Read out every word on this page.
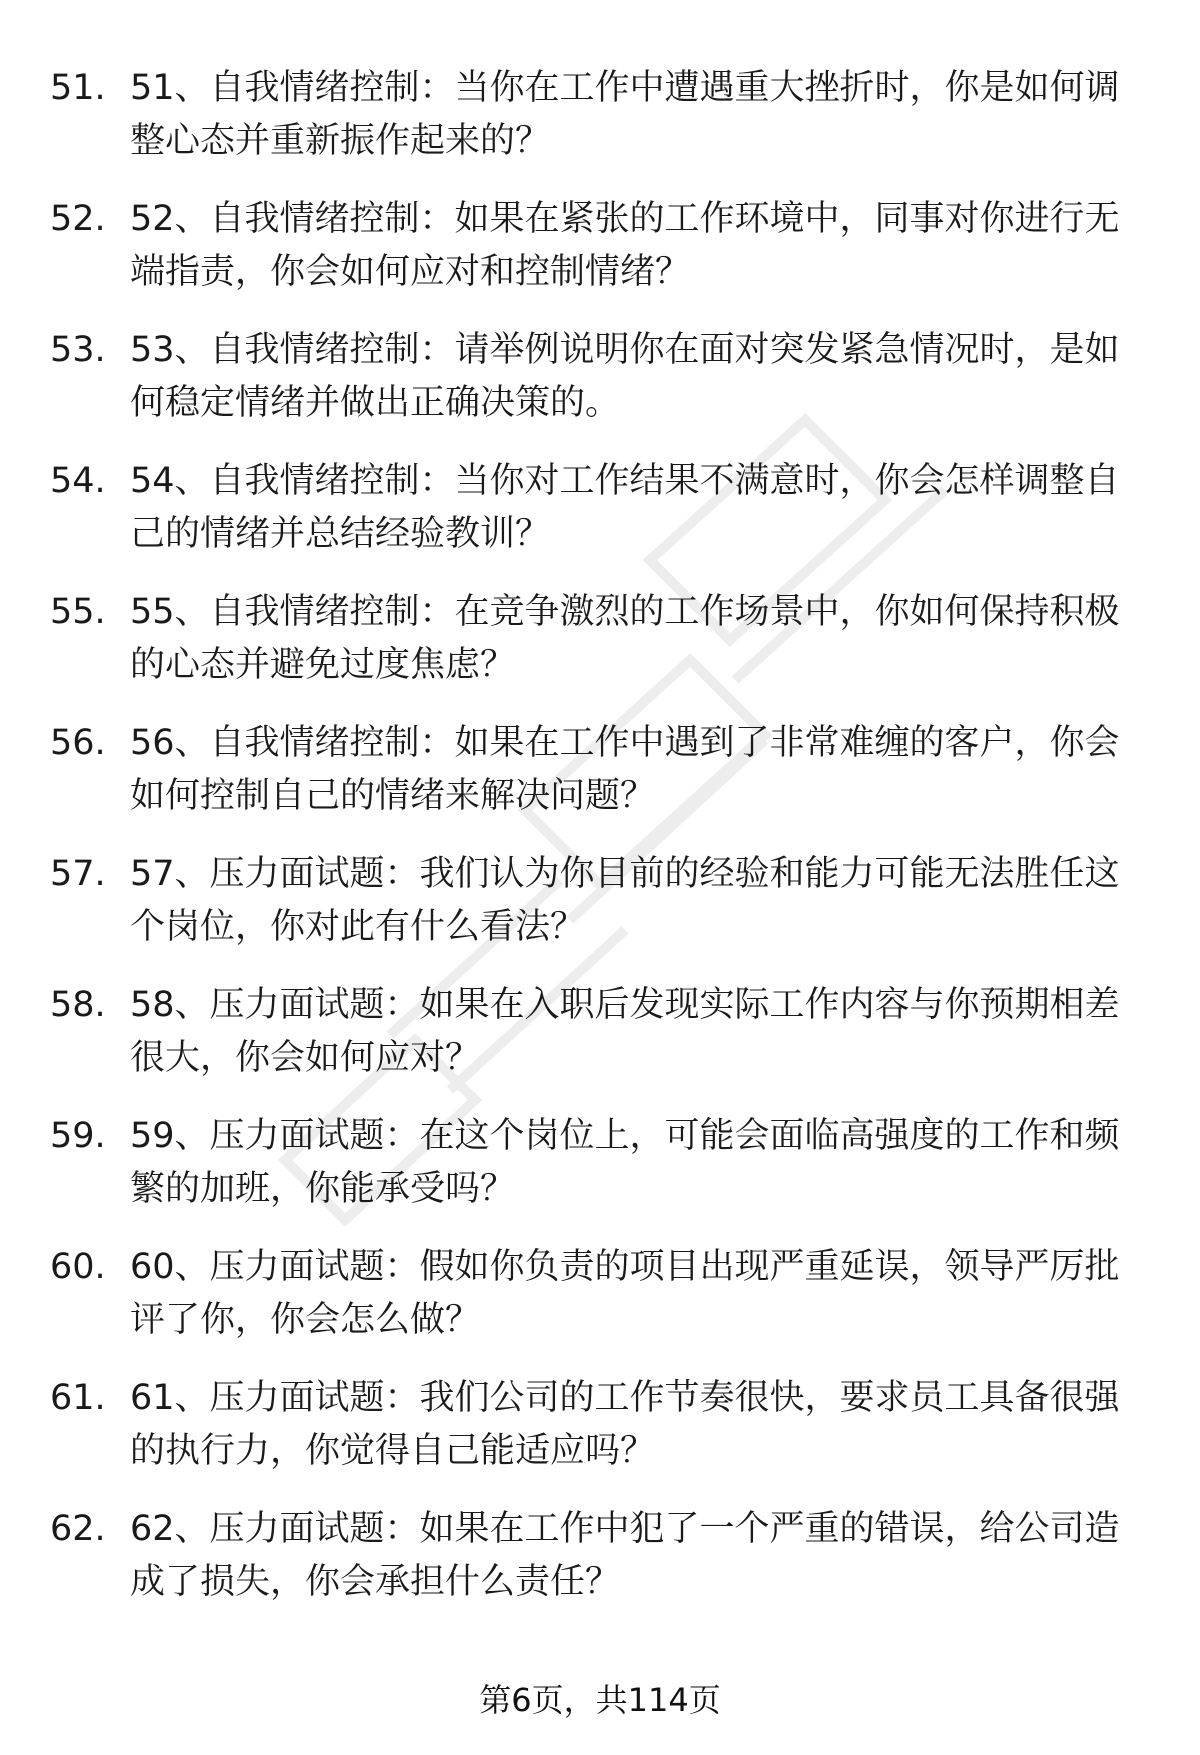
51. 51、自我情绪控制：当你在工作中遭遇重大挫折时，你是如何调整心态并重新振作起来的？
52. 52、自我情绪控制：如果在紧张的工作环境中，同事对你进行无端指责，你会如何应对和控制情绪？
53. 53、自我情绪控制：请举例说明你在面对突发紧急情况时，是如何稳定情绪并做出正确决策的。
54. 54、自我情绪控制：当你对工作结果不满意时，你会怎样调整自己的情绪并总结经验教训？
55. 55、自我情绪控制：在竞争激烈的工作场景中，你如何保持积极的心态并避免过度焦虑？
56. 56、自我情绪控制：如果在工作中遇到了非常难缠的客户，你会如何控制自己的情绪来解决问题？
57. 57、压力面试题：我们认为你目前的经验和能力可能无法胜任这个岗位，你对此有什么看法？
58. 58、压力面试题：如果在入职后发现实际工作内容与你预期相差很大，你会如何应对？
59. 59、压力面试题：在这个岗位上，可能会面临高强度的工作和频繁的加班，你能承受吗？
60. 60、压力面试题：假如你负责的项目出现严重延误，领导严厉批评了你，你会怎么做？
61. 61、压力面试题：我们公司的工作节奏很快，要求员工具备很强的执行力，你觉得自己能适应吗？
62. 62、压力面试题：如果在工作中犯了一个严重的错误，给公司造成了损失，你会承担什么责任？
第6页，共114页
